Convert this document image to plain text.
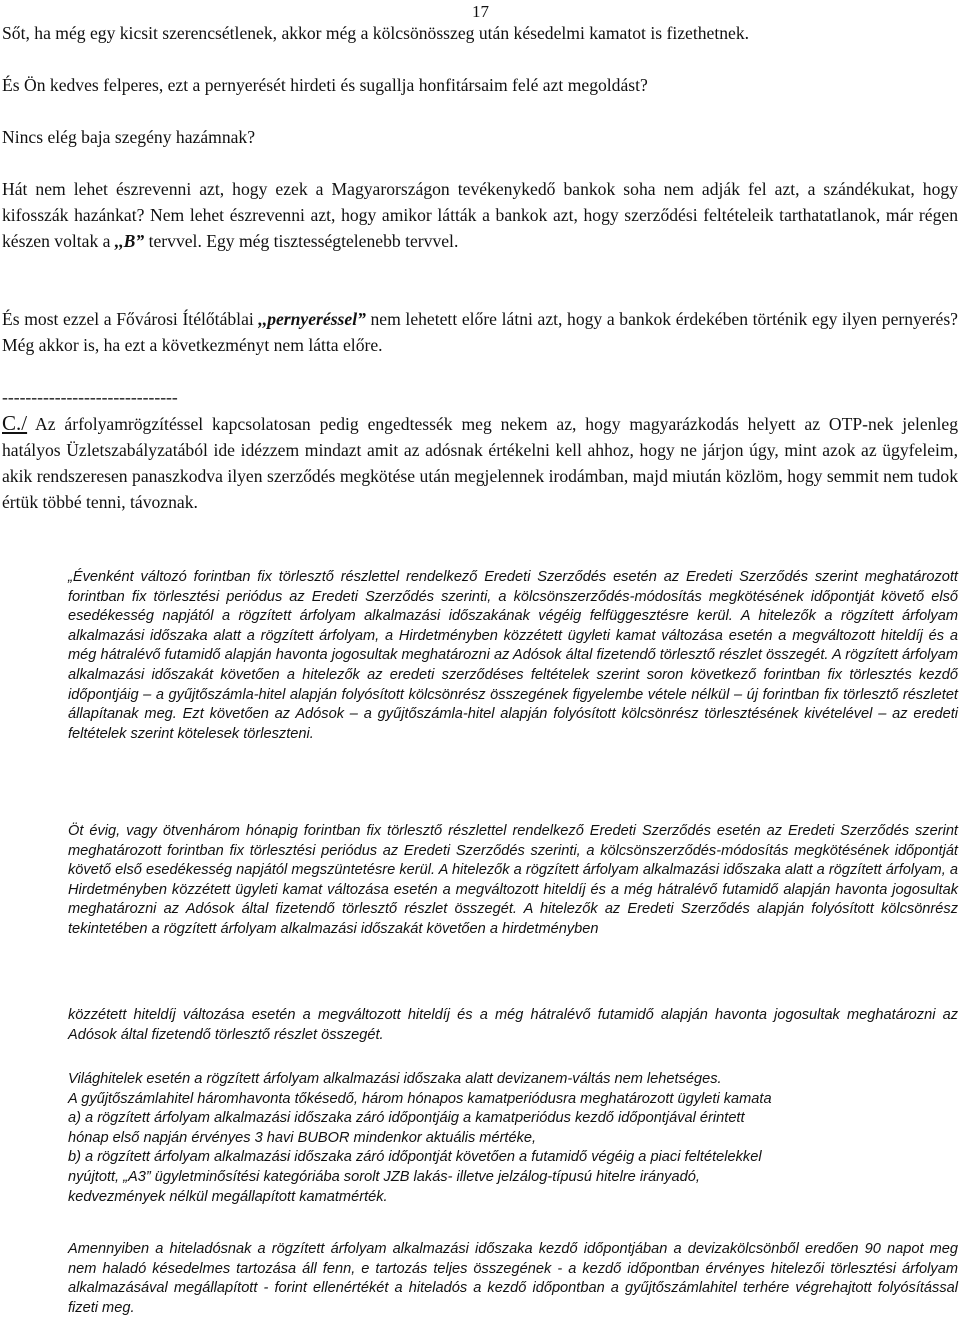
17

Sőt, ha még egy kicsit szerencsétlenek, akkor még a kölcsönösszeg után késedelmi kamatot is fizethetnek.

És Ön kedves felperes, ezt a pernyerését hirdeti és sugallja honfitársaim felé azt megoldást?

Nincs elég baja szegény hazámnak?

Hát nem lehet észrevenni azt, hogy ezek a Magyarországon tevékenykedő bankok soha nem adják fel azt, a szándékukat, hogy kifosszák hazánkat? Nem lehet észrevenni azt, hogy amikor látták a bankok azt, hogy szerződési feltételeik tarthatatlanok, már régen készen voltak a ,,B” tervvel. Egy még tisztességtelenebb tervvel.

És most ezzel a Fővárosi Ítélőtáblai ,,pernyeréssel” nem lehetett előre látni azt, hogy a bankok érdekében történik egy ilyen pernyerés? Még akkor is, ha ezt a következményt nem látta előre.

------------------------------

C./ Az árfolyamrögzítéssel kapcsolatosan pedig engedtessék meg nekem az, hogy magyarázkodás helyett az OTP-nek jelenleg hatályos Üzletszabályzatából ide idézzem mindazt amit az adósnak értékelni kell ahhoz, hogy ne járjon úgy, mint azok az ügyfeleim, akik rendszeresen panaszkodva ilyen szerződés megkötése után megjelennek irodámban, majd miután közlöm, hogy semmit nem tudok értük többé tenni, távoznak.

„Évenként változó forintban fix törlesztő részlettel rendelkező Eredeti Szerződés esetén az Eredeti Szerződés szerint meghatározott forintban fix törlesztési periódus az Eredeti Szerződés szerinti, a kölcsönszerződés-módosítás megkötésének időpontját követő első esedékesség napjától a rögzített árfolyam alkalmazási időszakának végéig felfüggesztésre kerül. A hitelezők a rögzített árfolyam alkalmazási időszaka alatt a rögzített árfolyam, a Hirdetményben közzétett ügyleti kamat változása esetén a megváltozott hiteldíj és a még hátralévő futamidő alapján havonta jogosultak meghatározni az Adósok által fizetendő törlesztő részlet összegét. A rögzített árfolyam alkalmazási időszakát követően a hitelezők az eredeti szerződéses feltételek szerint soron következő forintban fix törlesztés kezdő időpontjáig – a gyűjtőszámla-hitel alapján folyósított kölcsönrész összegének figyelembe vétele nélkül – új forintban fix törlesztő részletet állapítanak meg. Ezt követően az Adósok – a gyűjtőszámla-hitel alapján folyósított kölcsönrész törlesztésének kivételével – az eredeti feltételek szerint kötelesek törleszteni.

Öt évig, vagy ötvenhárom hónapig forintban fix törlesztő részlettel rendelkező Eredeti Szerződés esetén az Eredeti Szerződés szerint meghatározott forintban fix törlesztési periódus az Eredeti Szerződés szerinti, a kölcsönszerződés-módosítás megkötésének időpontját követő első esedékesség napjától megszüntetésre kerül. A hitelezők a rögzített árfolyam alkalmazási időszaka alatt a rögzített árfolyam, a Hirdetményben közzétett ügyleti kamat változása esetén a megváltozott hiteldíj és a még hátralévő futamidő alapján havonta jogosultak meghatározni az Adósok által fizetendő törlesztő részlet összegét. A hitelezők az Eredeti Szerződés alapján folyósított kölcsönrész tekintetében a rögzített árfolyam alkalmazási időszakát követően a hirdetményben

közzétett hiteldíj változása esetén a megváltozott hiteldíj és a még hátralévő futamidő alapján havonta jogosultak meghatározni az Adósok által fizetendő törlesztő részlet összegét.

Világhitelek esetén a rögzített árfolyam alkalmazási időszaka alatt devizanem-váltás nem lehetséges.
A gyűjtőszámlahitel háromhavonta tőkésedő, három hónapos kamatperiódusra meghatározott ügyleti kamata
a) a rögzített árfolyam alkalmazási időszaka záró időpontjáig a kamatperiódus kezdő időpontjával érintett
hónap első napján érvényes 3 havi BUBOR mindenkor aktuális mértéke,
b) a rögzített árfolyam alkalmazási időszaka záró időpontját követően a futamidő végéig a piaci feltételekkel
nyújtott, „A3” ügyletminősítési kategóriába sorolt JZB lakás- illetve jelzálog-típusú hitelre irányadó,
kedvezmények nélkül megállapított kamatmérték.

Amennyiben a hiteladósnak a rögzített árfolyam alkalmazási időszaka kezdő időpontjában a devizakölcsönből eredően 90 napot meg nem haladó késedelmes tartozása áll fenn, e tartozás teljes összegének - a kezdő időpontban érvényes hitelezői törlesztési árfolyam alkalmazásával megállapított - forint ellenértékét a hiteladós a kezdő időpontban a gyűjtőszámlahitel terhére végrehajtott folyósítással fizeti meg.
